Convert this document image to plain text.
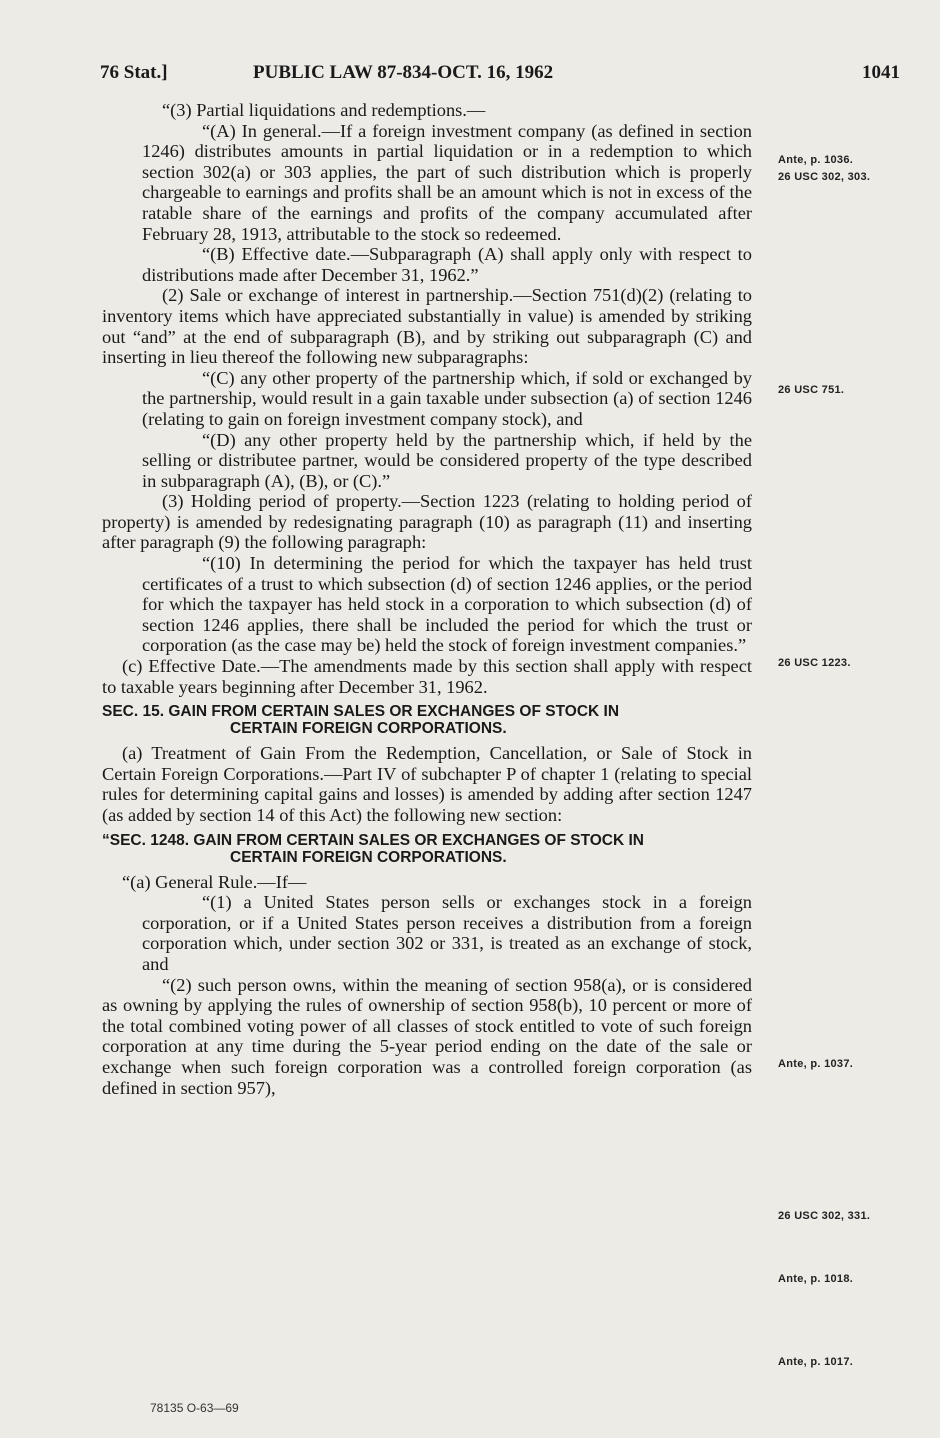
76 Stat.]	PUBLIC LAW 87-834-OCT. 16, 1962	1041

“(3) Partial liquidations and redemptions.—

“(A) In general.—If a foreign investment company (as defined in section 1246) distributes amounts in partial liquidation or in a redemption to which section 302(a) or 303 applies, the part of such distribution which is properly chargeable to earnings and profits shall be an amount which is not in excess of the ratable share of the earnings and profits of the company accumulated after February 28, 1913, attributable to the stock so redeemed.

“(B) Effective date.—Subparagraph (A) shall apply only with respect to distributions made after December 31, 1962.”

(2) Sale or exchange of interest in partnership.—Section 751(d)(2) (relating to inventory items which have appreciated substantially in value) is amended by striking out “and” at the end of subparagraph (B), and by striking out subparagraph (C) and inserting in lieu thereof the following new subparagraphs:

“(C) any other property of the partnership which, if sold or exchanged by the partnership, would result in a gain taxable under subsection (a) of section 1246 (relating to gain on foreign investment company stock), and

“(D) any other property held by the partnership which, if held by the selling or distributee partner, would be considered property of the type described in subparagraph (A), (B), or (C).”

(3) Holding period of property.—Section 1223 (relating to holding period of property) is amended by redesignating paragraph (10) as paragraph (11) and inserting after paragraph (9) the following paragraph:

“(10) In determining the period for which the taxpayer has held trust certificates of a trust to which subsection (d) of section 1246 applies, or the period for which the taxpayer has held stock in a corporation to which subsection (d) of section 1246 applies, there shall be included the period for which the trust or corporation (as the case may be) held the stock of foreign investment companies.”

(c) Effective Date.—The amendments made by this section shall apply with respect to taxable years beginning after December 31, 1962.

SEC. 15. GAIN FROM CERTAIN SALES OR EXCHANGES OF STOCK IN
CERTAIN FOREIGN CORPORATIONS.

(a) Treatment of Gain From the Redemption, Cancellation, or Sale of Stock in Certain Foreign Corporations.—Part IV of subchapter P of chapter 1 (relating to special rules for determining capital gains and losses) is amended by adding after section 1247 (as added by section 14 of this Act) the following new section:

“SEC. 1248. GAIN FROM CERTAIN SALES OR EXCHANGES OF STOCK IN
CERTAIN FOREIGN CORPORATIONS.

“(a) General Rule.—If—

“(1) a United States person sells or exchanges stock in a foreign corporation, or if a United States person receives a distribution from a foreign corporation which, under section 302 or 331, is treated as an exchange of stock, and

“(2) such person owns, within the meaning of section 958(a), or is considered as owning by applying the rules of ownership of section 958(b), 10 percent or more of the total combined voting power of all classes of stock entitled to vote of such foreign corporation at any time during the 5-year period ending on the date of the sale or exchange when such foreign corporation was a controlled foreign corporation (as defined in section 957),

Ante, p. 1036.
26 USC 302, 303.
26 USC 751.
26 USC 1223.
Ante, p. 1037.
26 USC 302, 331.
Ante, p. 1018.
Ante, p. 1017.
78135 O-63—69
